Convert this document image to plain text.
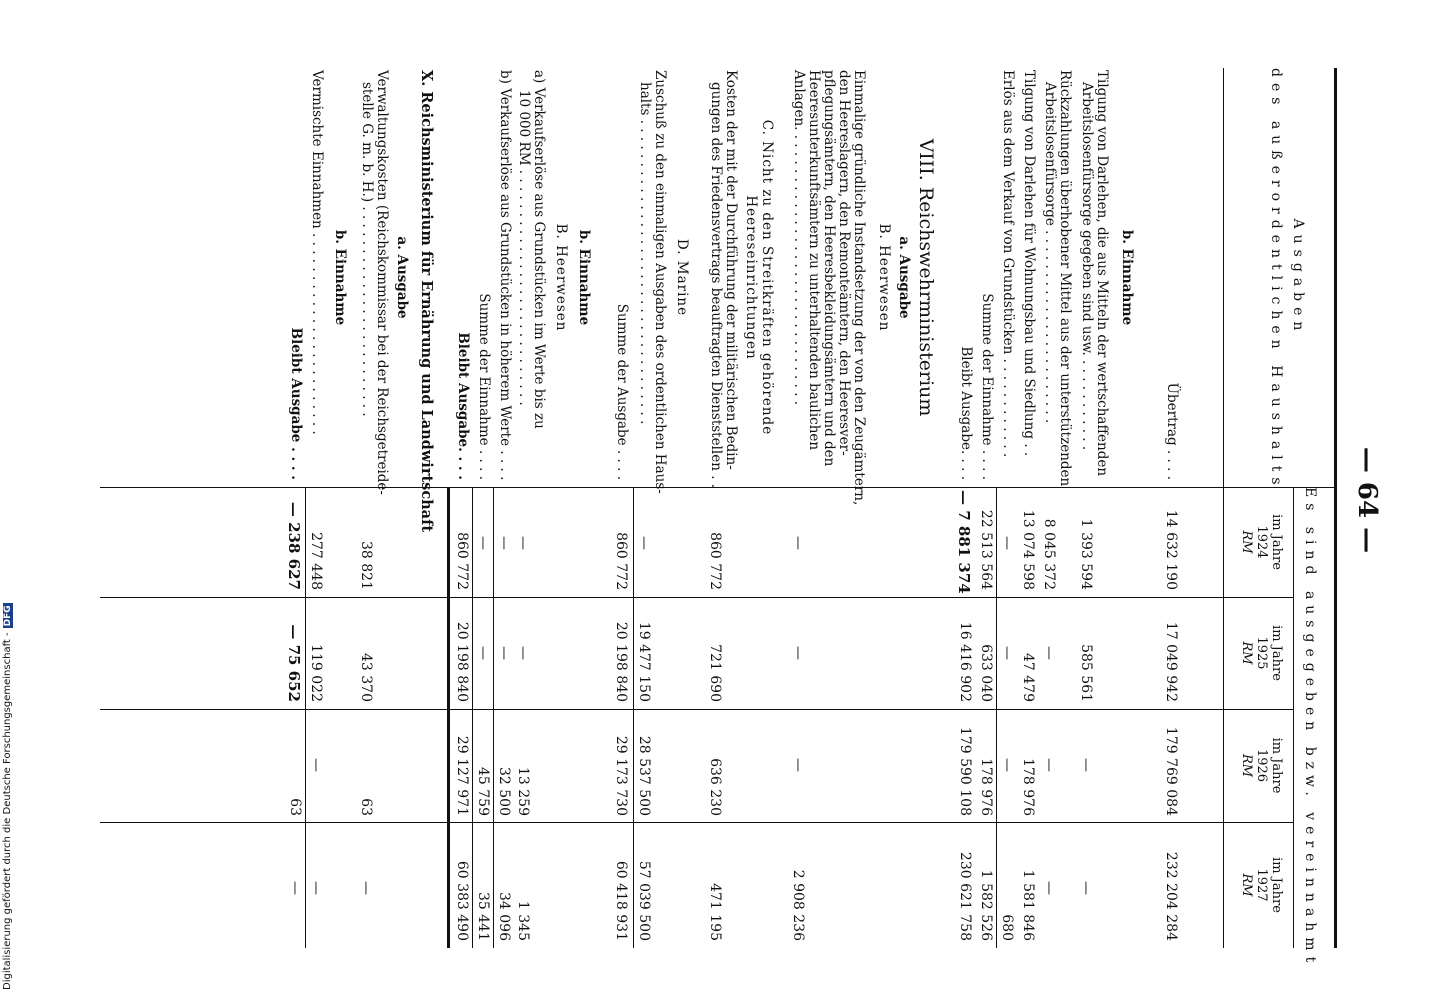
— 64 —
Ausgaben
des außerordentlichen Haushalts
Es sind ausgegeben bzw. vereinnahmt
im Jahre
1924
RM
im Jahre
1925
RM
im Jahre
1926
RM
im Jahre
1927
RM
Übertrag . . . .
14 632 190
17 049 942
179 769 084
232 204 284
b. Einnahme
Tilgung von Darlehen, die aus Mitteln der wertschaffenden
Arbeitslosenfürsorge gegeben sind usw. . . . . . . . . . . .
1 393 594
585 561
—
—
Rückzahlungen überhobener Mittel aus der unterstützenden
Arbeitslosenfürsorge . . . . . . . . . . . . . . . . . . . . . . .
8 045 372
—
—
—
Tilgung von Darlehen für Wohnungsbau und Siedlung . .
13 074 598
47 479
178 976
1 581 846
Erlös aus dem Verkauf von Grundstücken . . . . . . . . . . . .
—
—
—
680
Summe der Einnahme . . . .
22 513 564
633 040
178 976
1 582 526
Bleibt Ausgabe. . . .
— 7 881 374
16 416 902
179 590 108
230 621 758
VIII. Reichswehrministerium
a. Ausgabe
B. Heerwesen
Einmalige gründliche Instandsetzung der von den Zeugämtern,
den Heereslagern, den Remonteämtern, den Heeresver-
pflegungsämtern, den Heeresbekleidungsämtern und den
Heeresunterkunftsämtern zu unterhaltenden baulichen
Anlagen. . . . . . . . . . . . . . . . . . . . . . . . . . . . . . . . .
—
—
—
2 908 236
C. Nicht zu den Streitkräften gehörende
Heereseinrichtungen
Kosten der mit der Durchführung der militärischen Bedin-
gungen des Friedensvertrags beauftragten Dienststellen . .
860 772
721 690
636 230
471 195
D. Marine
Zuschuß zu den einmaligen Ausgaben des ordentlichen Haus-
halts . . . . . . . . . . . . . . . . . . . . . . . . . . . . . . . . . . . .
—
19 477 150
28 537 500
57 039 500
Summe der Ausgabe . . . .
860 772
20 198 840
29 173 730
60 418 931
b. Einnahme
B. Heerwesen
a) Verkaufserlöse aus Grundstücken im Werte bis zu
10 000 RM . . . . . . . . . . . . . . . . . . . . . . . . . . . .
—
—
13 259
1 345
b) Verkaufserlöse aus Grundstücken in höherem Werte . . . .
—
—
32 500
34 096
Summe der Einnahme . . . .
—
—
45 759
35 441
Bleibt Ausgabe. . . .
860 772
20 198 840
29 127 971
60 383 490
X. Reichsministerium für Ernährung und Landwirtschaft
a. Ausgabe
Verwaltungskosten (Reichskommissar bei der Reichsgetreide-
stelle G. m. b. H.) . . . . . . . . . . . . . . . . . . . . . . . . .
38 821
43 370
63
—
b. Einnahme
Vermischte Einnahmen . . . . . . . . . . . . . . . . . . . . . . . .
277 448
119 022
—
—
Bleibt Ausgabe . . . .
— 238 627
— 75 652
63
—
Digitalisierung gefördert durch die Deutsche Forschungsgemeinschaft -DFG
